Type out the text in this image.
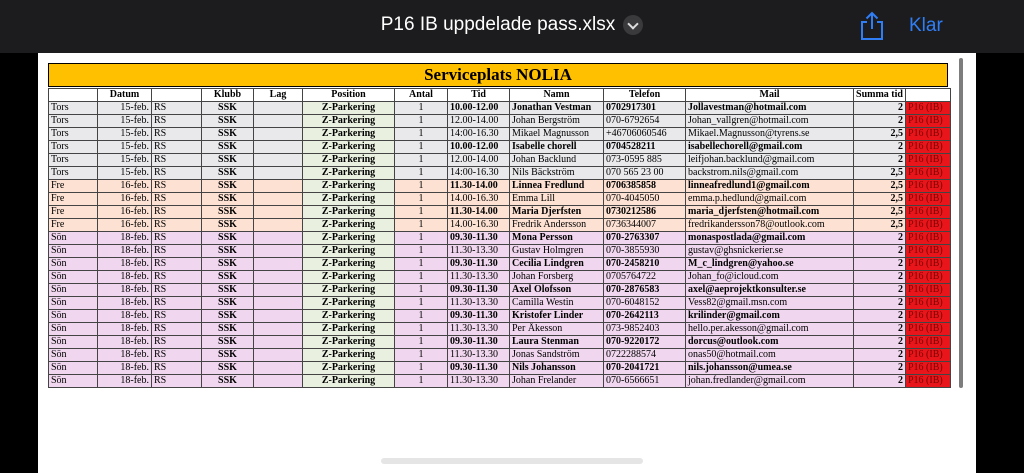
P16 IB uppdelade pass.xlsx	Klar
Serviceplats NOLIA
	Datum		Klubb	Lag	Position	Antal	Tid	Namn	Telefon	Mail	Summa tid	
Tors	15-feb.	RS	SSK		Z-Parkering	1	10.00-12.00	Jonathan Vestman	0702917301	Jollavestman@hotmail.com	2	P16 (IB)
Tors	15-feb.	RS	SSK		Z-Parkering	1	12.00-14.00	Johan Bergström	070-6792654	Johan_vallgren@hotmail.com	2	P16 (IB)
Tors	15-feb.	RS	SSK		Z-Parkering	1	14:00-16.30	Mikael Magnusson	+46706060546	Mikael.Magnusson@tyrens.se	2,5	P16 (IB)
Tors	15-feb.	RS	SSK		Z-Parkering	1	10.00-12.00	Isabelle chorell	0704528211	isabellechorell@gmail.com	2	P16 (IB)
Tors	15-feb.	RS	SSK		Z-Parkering	1	12.00-14.00	Johan Backlund	073-0595 885	leifjohan.backlund@gmail.com	2	P16 (IB)
Tors	15-feb.	RS	SSK		Z-Parkering	1	14:00-16.30	Nils Bäckström	070 565 23 00	backstrom.nils@gmail.com	2,5	P16 (IB)
Fre	16-feb.	RS	SSK		Z-Parkering	1	11.30-14.00	Linnea Fredlund	0706385858	linneafredlund1@gmail.com	2,5	P16 (IB)
Fre	16-feb.	RS	SSK		Z-Parkering	1	14.00-16.30	Emma Lill	070-4045050	emma.p.hedlund@gmail.com	2,5	P16 (IB)
Fre	16-feb.	RS	SSK		Z-Parkering	1	11.30-14.00	Maria Djerfsten	0730212586	maria_djerfsten@hotmail.com	2,5	P16 (IB)
Fre	16-feb.	RS	SSK		Z-Parkering	1	14.00-16.30	Fredrik Andersson	0736344007	fredrikandersson78@outlook.com	2,5	P16 (IB)
Sön	18-feb.	RS	SSK		Z-Parkering	1	09.30-11.30	Mona Persson	070-2763307	monaspostlada@gmail.com	2	P16 (IB)
Sön	18-feb.	RS	SSK		Z-Parkering	1	11.30-13.30	Gustav Holmgren	070-3855930	gustav@ghsnickerier.se	2	P16 (IB)
Sön	18-feb.	RS	SSK		Z-Parkering	1	09.30-11.30	Cecilia Lindgren	070-2458210	M_c_lindgren@yahoo.se	2	P16 (IB)
Sön	18-feb.	RS	SSK		Z-Parkering	1	11.30-13.30	Johan Forsberg	0705764722	Johan_fo@icloud.com	2	P16 (IB)
Sön	18-feb.	RS	SSK		Z-Parkering	1	09.30-11.30	Axel Olofsson	070-2876583	axel@aeprojektkonsulter.se	2	P16 (IB)
Sön	18-feb.	RS	SSK		Z-Parkering	1	11.30-13.30	Camilla Westin	070-6048152	Vess82@gmail.msn.com	2	P16 (IB)
Sön	18-feb.	RS	SSK		Z-Parkering	1	09.30-11.30	Kristofer Linder	070-2642113	krilinder@gmail.com	2	P16 (IB)
Sön	18-feb.	RS	SSK		Z-Parkering	1	11.30-13.30	Per Åkesson	073-9852403	hello.per.akesson@gmail.com	2	P16 (IB)
Sön	18-feb.	RS	SSK		Z-Parkering	1	09.30-11.30	Laura Stenman	070-9220172	dorcus@outlook.com	2	P16 (IB)
Sön	18-feb.	RS	SSK		Z-Parkering	1	11.30-13.30	Jonas Sandström	0722288574	onas50@hotmail.com	2	P16 (IB)
Sön	18-feb.	RS	SSK		Z-Parkering	1	09.30-11.30	Nils Johansson	070-2041721	nils.johansson@umea.se	2	P16 (IB)
Sön	18-feb.	RS	SSK		Z-Parkering	1	11.30-13.30	Johan Frelander	070-6566651	johan.fredlander@gmail.com	2	P16 (IB)
